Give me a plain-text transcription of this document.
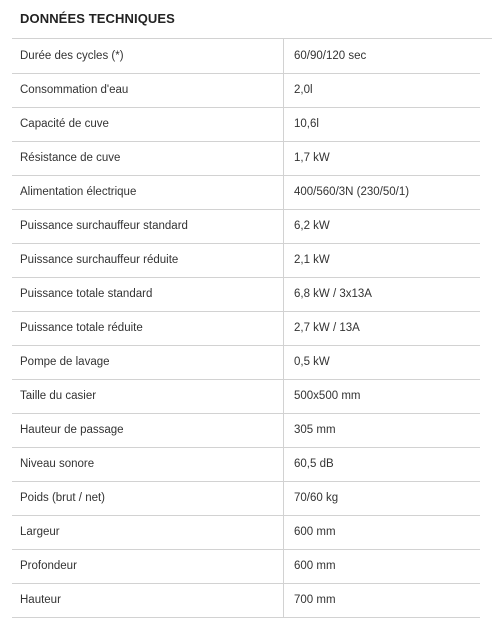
DONNÉES TECHNIQUES
Durée des cycles (*)	60/90/120 sec
Consommation d'eau	2,0l
Capacité de cuve	10,6l
Résistance de cuve	1,7 kW
Alimentation électrique	400/560/3N (230/50/1)
Puissance surchauffeur standard	6,2 kW
Puissance surchauffeur réduite	2,1 kW
Puissance totale standard	6,8 kW / 3x13A
Puissance totale réduite	2,7 kW / 13A
Pompe de lavage	0,5 kW
Taille du casier	500x500 mm
Hauteur de passage	305 mm
Niveau sonore	60,5 dB
Poids (brut / net)	70/60 kg
Largeur	600 mm
Profondeur	600 mm
Hauteur	700 mm
